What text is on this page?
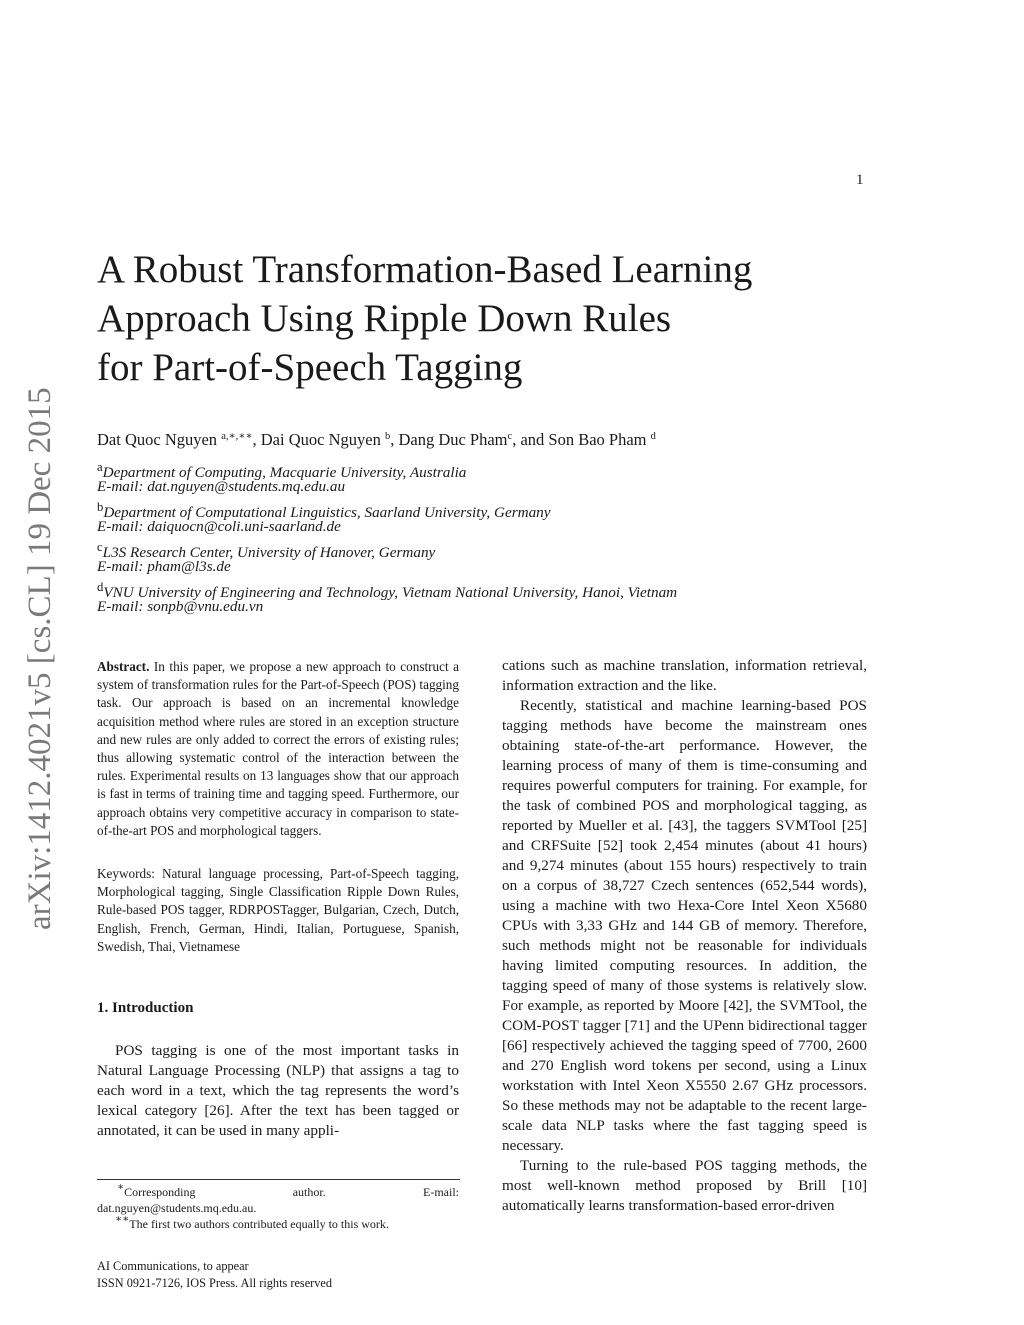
1
arXiv:1412.4021v5 [cs.CL] 19 Dec 2015
A Robust Transformation-Based Learning
Approach Using Ripple Down Rules
for Part-of-Speech Tagging
Dat Quoc Nguyen $^{a,∗,∗∗}$, Dai Quoc Nguyen $^b$, Dang Duc Pham$^c$, and Son Bao Pham $^d$
$^a$Department of Computing, Macquarie University, Australia
E-mail: dat.nguyen@students.mq.edu.au
$^b$Department of Computational Linguistics, Saarland University, Germany
E-mail: daiquocn@coli.uni-saarland.de
$^c$L3S Research Center, University of Hanover, Germany
E-mail: pham@l3s.de
$^d$VNU University of Engineering and Technology, Vietnam National University, Hanoi, Vietnam
E-mail: sonpb@vnu.edu.vn
Abstract. In this paper, we propose a new approach to construct a system of transformation rules for the Part-of-Speech (POS) tagging task. Our approach is based on an incremental knowledge acquisition method where rules are stored in an exception structure and new rules are only added to correct the errors of existing rules; thus allowing systematic control of the interaction between the rules. Experimental results on 13 languages show that our approach is fast in terms of training time and tagging speed. Furthermore, our approach obtains very competitive accuracy in comparison to state-of-the-art POS and morphological taggers.
Keywords: Natural language processing, Part-of-Speech tagging, Morphological tagging, Single Classification Ripple Down Rules, Rule-based POS tagger, RDRPOSTagger, Bulgarian, Czech, Dutch, English, French, German, Hindi, Italian, Portuguese, Spanish, Swedish, Thai, Vietnamese
1. Introduction
POS tagging is one of the most important tasks in Natural Language Processing (NLP) that assigns a tag to each word in a text, which the tag represents the word’s lexical category [26]. After the text has been tagged or annotated, it can be used in many appli-

cations such as machine translation, information retrieval, information extraction and the like.

Recently, statistical and machine learning-based POS tagging methods have become the mainstream ones obtaining state-of-the-art performance. However, the learning process of many of them is time-consuming and requires powerful computers for training. For example, for the task of combined POS and morphological tagging, as reported by Mueller et al. [43], the taggers SVMTool [25] and CRFSuite [52] took 2,454 minutes (about 41 hours) and 9,274 minutes (about 155 hours) respectively to train on a corpus of 38,727 Czech sentences (652,544 words), using a machine with two Hexa-Core Intel Xeon X5680 CPUs with 3,33 GHz and 144 GB of memory. Therefore, such methods might not be reasonable for individuals having limited computing resources. In addition, the tagging speed of many of those systems is relatively slow. For example, as reported by Moore [42], the SVMTool, the COM-POST tagger [71] and the UPenn bidirectional tagger [66] respectively achieved the tagging speed of 7700, 2600 and 270 English word tokens per second, using a Linux workstation with Intel Xeon X5550 2.67 GHz processors. So these methods may not be adaptable to the recent large-scale data NLP tasks where the fast tagging speed is necessary.

Turning to the rule-based POS tagging methods, the most well-known method proposed by Brill [10] automatically learns transformation-based error-driven

∗Corresponding	author.	E-mail:
dat.nguyen@students.mq.edu.au.
∗∗The first two authors contributed equally to this work.
AI Communications, to appear
ISSN 0921-7126, IOS Press. All rights reserved
